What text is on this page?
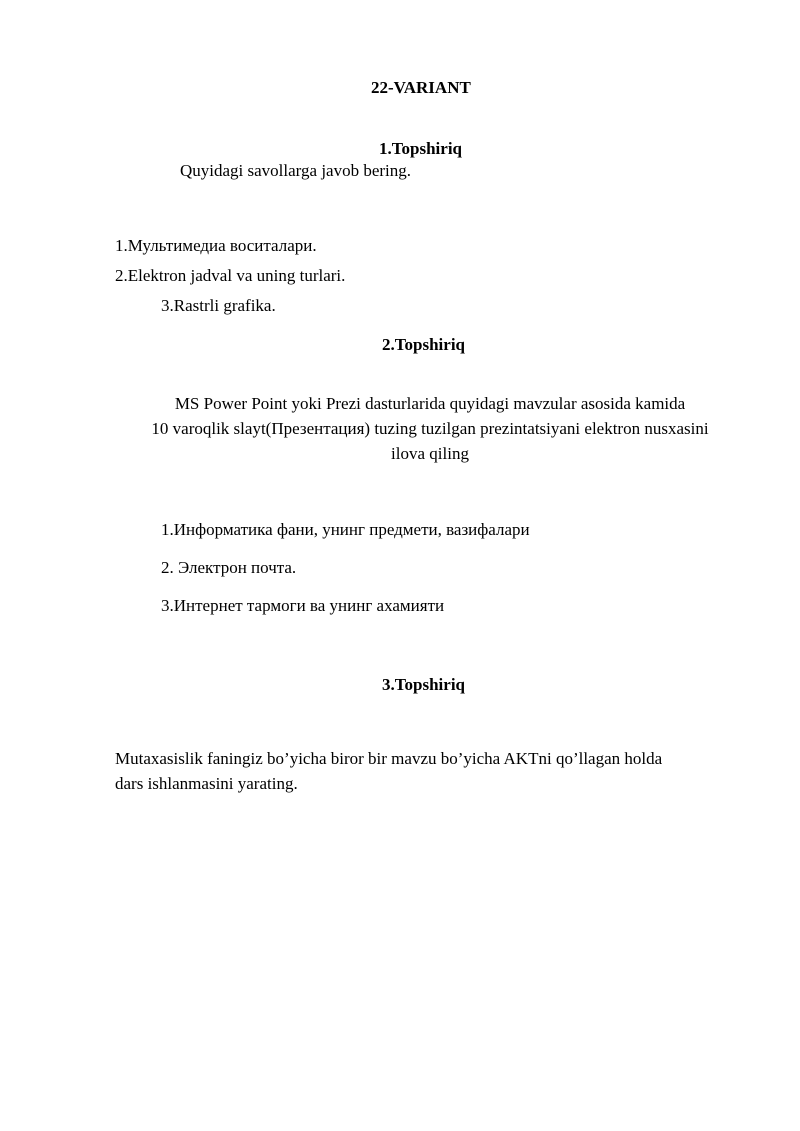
22-VARIANT
1.Topshiriq
Quyidagi savollarga javob bering.
1.Мультимедиа воситалари.
2.Elektron jadval va uning turlari.
3.Rastrli grafika.
2.Topshiriq
MS Power Point yoki Prezi dasturlarida quyidagi mavzular asosida kamida
10 varoqlik slayt(Презентация) tuzing tuzilgan prezintatsiyani elektron nusxasini
ilova qiling
1.Информатика фани, унинг предмети, вазифалари
2. Электрон почта.
3.Интернет тармоги ва унинг ахамияти
3.Topshiriq
Mutaxasislik faningiz bo’yicha biror bir mavzu bo’yicha AKTni qo’llagan holda
dars ishlanmasini yarating.
